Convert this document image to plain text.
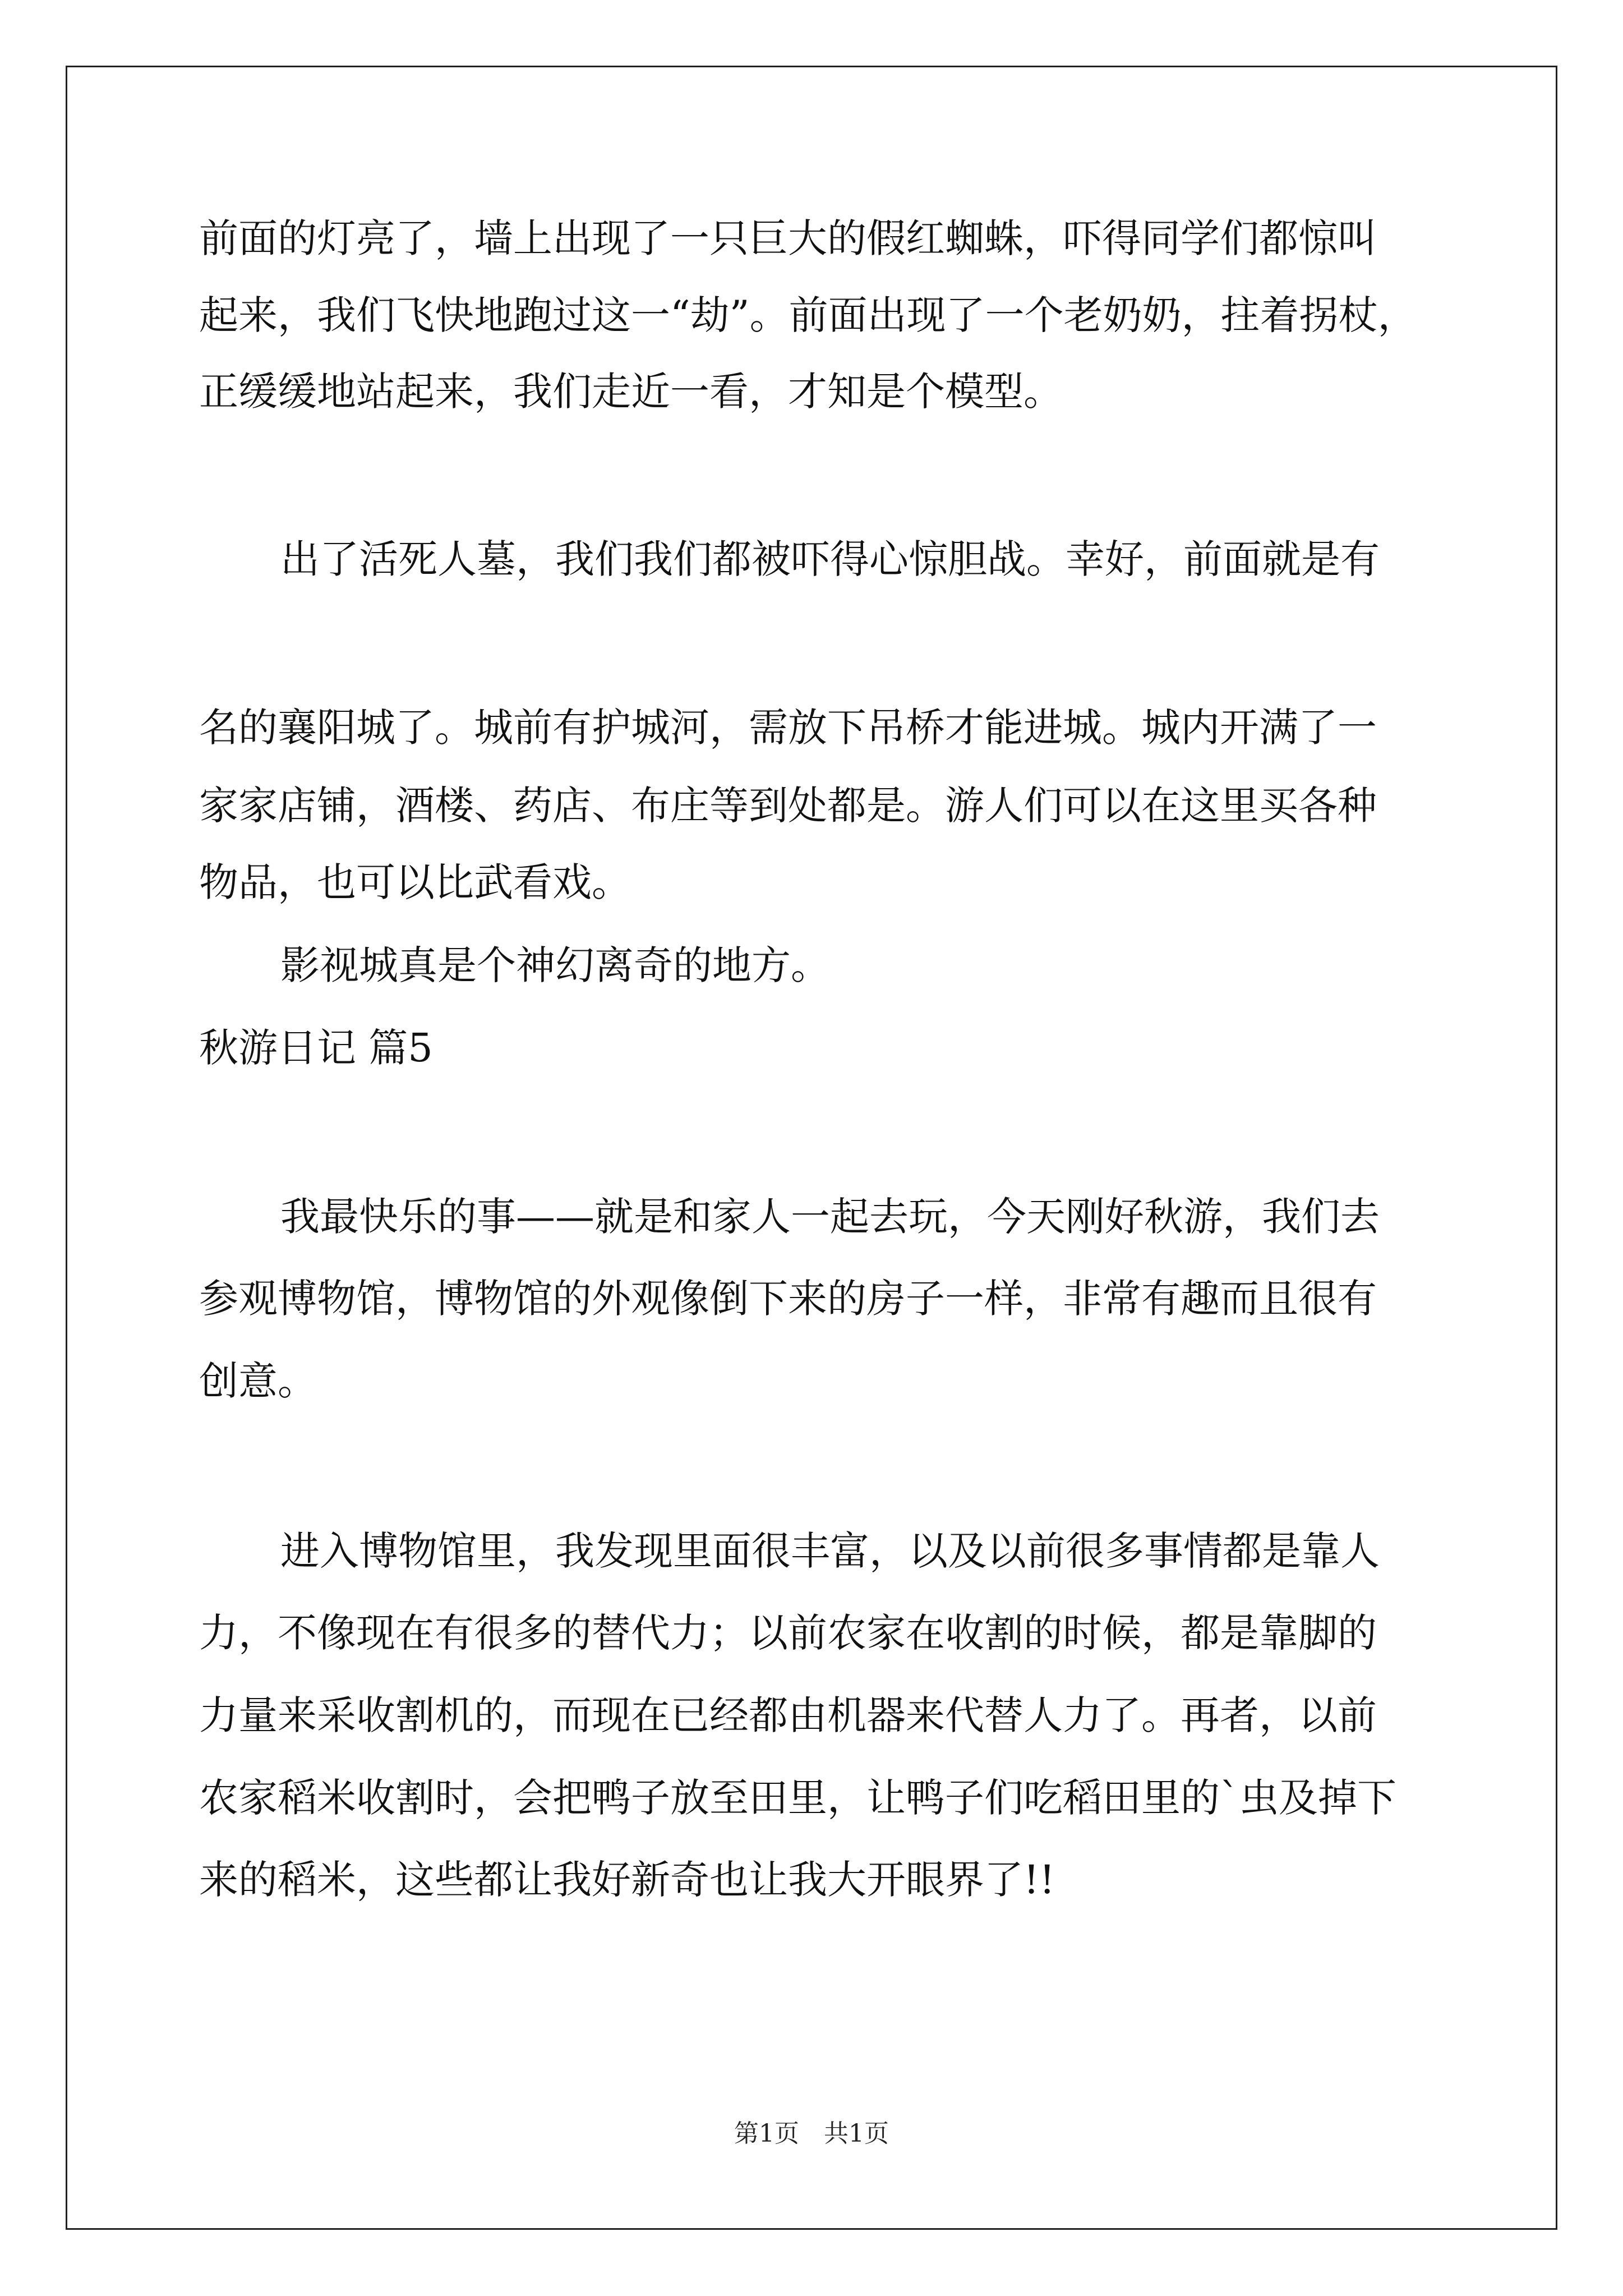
前面的灯亮了，墙上出现了一只巨大的假红蜘蛛，吓得同学们都惊叫
起来，我们飞快地跑过这一“劫”。前面出现了一个老奶奶，拄着拐杖，
正缓缓地站起来，我们走近一看，才知是个模型。
出了活死人墓，我们我们都被吓得心惊胆战。幸好，前面就是有
名的襄阳城了。城前有护城河，需放下吊桥才能进城。城内开满了一
家家店铺，酒楼、药店、布庄等到处都是。游人们可以在这里买各种
物品，也可以比武看戏。
影视城真是个神幻离奇的地方。
秋游日记 篇5
我最快乐的事——就是和家人一起去玩，今天刚好秋游，我们去
参观博物馆，博物馆的外观像倒下来的房子一样，非常有趣而且很有
创意。
进入博物馆里，我发现里面很丰富，以及以前很多事情都是靠人
力，不像现在有很多的替代力；以前农家在收割的时候，都是靠脚的
力量来采收割机的，而现在已经都由机器来代替人力了。再者，以前
农家稻米收割时，会把鸭子放至田里，让鸭子们吃稻田里的`虫及掉下
来的稻米，这些都让我好新奇也让我大开眼界了!!
第1页　共1页
